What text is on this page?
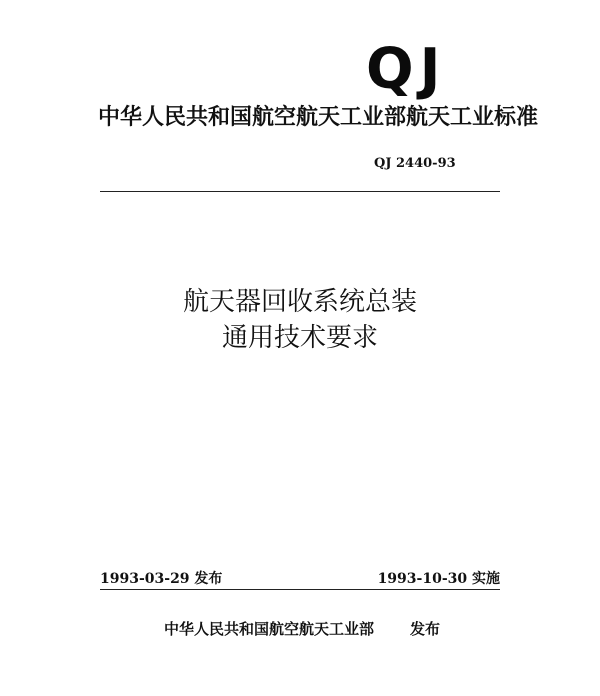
QJ
中华人民共和国航空航天工业部航天工业标准
QJ 2440-93
航天器回收系统总装
通用技术要求
1993-03-29 发布	1993-10-30 实施
中华人民共和国航空航天工业部 发布
